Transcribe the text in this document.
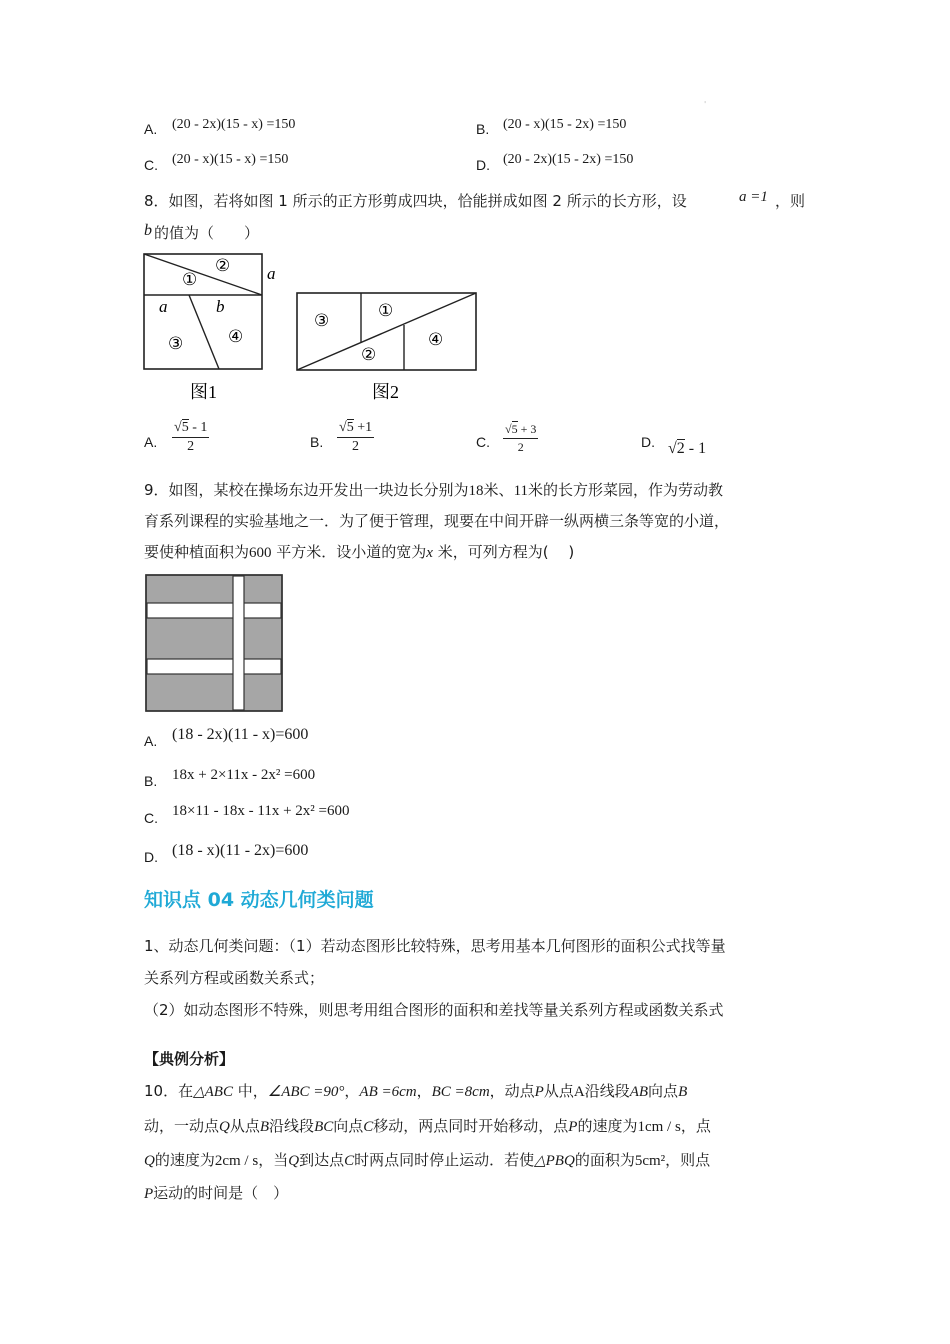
'
A. (20 - 2x)(15 - x) =150	B. (20 - x)(15 - 2x) =150
C. (20 - x)(15 - x) =150	D. (20 - 2x)(15 - 2x) =150
8．如图，若将如图 1 所示的正方形剪成四块，恰能拼成如图 2 所示的长方形，设	a =1 ，则
b 的值为（　　）
①
②
③	④
a
a	b
图1
③
①
②
④
图2
A.
√5 - 1
2	B.
√5 +1
2	C.
√5 + 3
2	D. √2 - 1
9．如图，某校在操场东边开发出一块边长分别为18米、11米的长方形菜园，作为劳动教
育系列课程的实验基地之一．为了便于管理，现要在中间开辟一纵两横三条等宽的小道，
要使种植面积为600 平方米．设小道的宽为x 米，可列方程为(　 )
A. (18 - 2x)(11 - x)=600
B. 18x + 2×11x - 2x² =600
C. 18×11 - 18x - 11x + 2x² =600
D. (18 - x)(11 - 2x)=600
知识点 04 动态几何类问题
1、动态几何类问题：（1）若动态图形比较特殊，思考用基本几何图形的面积公式找等量
关系列方程或函数关系式；
（2）如动态图形不特殊，则思考用组合图形的面积和差找等量关系列方程或函数关系式
【典例分析】
10．在△ABC 中，∠ABC =90°，AB =6cm，BC =8cm，动点P从点A沿线段AB向点B
动，一动点Q从点B沿线段BC向点C移动，两点同时开始移动，点P的速度为1cm / s，点
Q的速度为2cm / s，当Q到达点C时两点同时停止运动．若使△PBQ的面积为5cm²，则点
P运动的时间是（　）
